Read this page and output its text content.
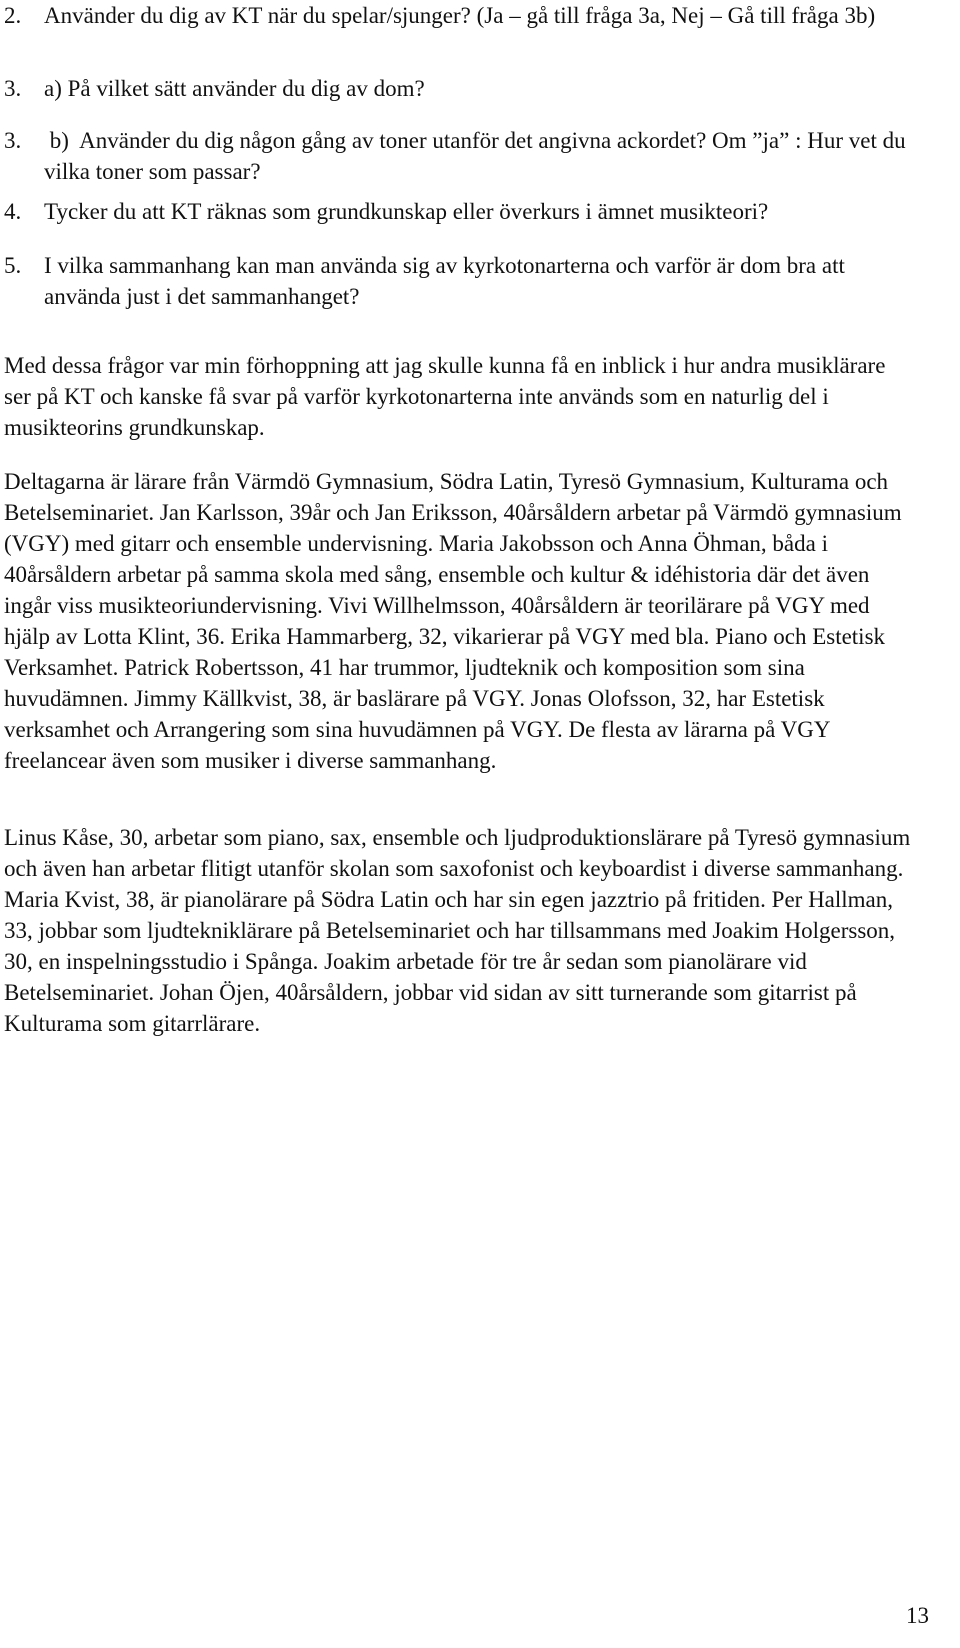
2. Använder du dig av KT när du spelar/sjunger? (Ja – gå till fråga 3a, Nej – Gå till fråga 3b)
3. a) På vilket sätt använder du dig av dom?
3. b)  Använder du dig någon gång av toner utanför det angivna ackordet? Om ”ja” : Hur vet du  vilka toner som passar?
4. Tycker du att KT räknas som grundkunskap eller överkurs i ämnet musikteori?
5. I vilka sammanhang kan man använda sig av kyrkotonarterna och varför är dom bra att använda just i det sammanhanget?

Med dessa frågor var min förhoppning att jag skulle kunna få en inblick i hur andra musiklärare ser på KT och kanske få svar på varför kyrkotonarterna inte används som en naturlig del i musikteorins grundkunskap.

Deltagarna är lärare från Värmdö Gymnasium, Södra Latin, Tyresö Gymnasium, Kulturama och Betelseminariet. Jan Karlsson, 39år och Jan Eriksson, 40årsåldern arbetar på Värmdö gymnasium (VGY) med gitarr och ensemble undervisning. Maria Jakobsson och Anna Öhman, båda i 40årsåldern arbetar på samma skola med sång, ensemble och kultur & idéhistoria där det även ingår viss musikteoriundervisning. Vivi Willhelmsson, 40årsåldern är teorilärare på VGY med hjälp av Lotta Klint, 36. Erika Hammarberg, 32, vikarierar på VGY med bla. Piano och Estetisk Verksamhet. Patrick Robertsson, 41 har trummor, ljudteknik och komposition som sina huvudämnen. Jimmy Källkvist, 38, är baslärare på VGY. Jonas Olofsson, 32, har Estetisk verksamhet och Arrangering som sina huvudämnen på VGY. De flesta av lärarna på VGY freelancear även som musiker i diverse sammanhang.

Linus Kåse, 30, arbetar som piano, sax, ensemble och ljudproduktionslärare på Tyresö gymnasium och även han arbetar flitigt utanför skolan som saxofonist och keyboardist i diverse sammanhang. Maria Kvist, 38, är pianolärare på Södra Latin och har sin egen jazztrio på fritiden. Per Hallman, 33, jobbar som ljudtekniklärare på Betelseminariet och har tillsammans med Joakim Holgersson, 30, en inspelningsstudio i Spånga. Joakim arbetade för tre år sedan som pianolärare vid Betelseminariet. Johan Öjen, 40årsåldern, jobbar vid sidan av sitt turnerande som gitarrist på Kulturama som gitarrlärare.

13
